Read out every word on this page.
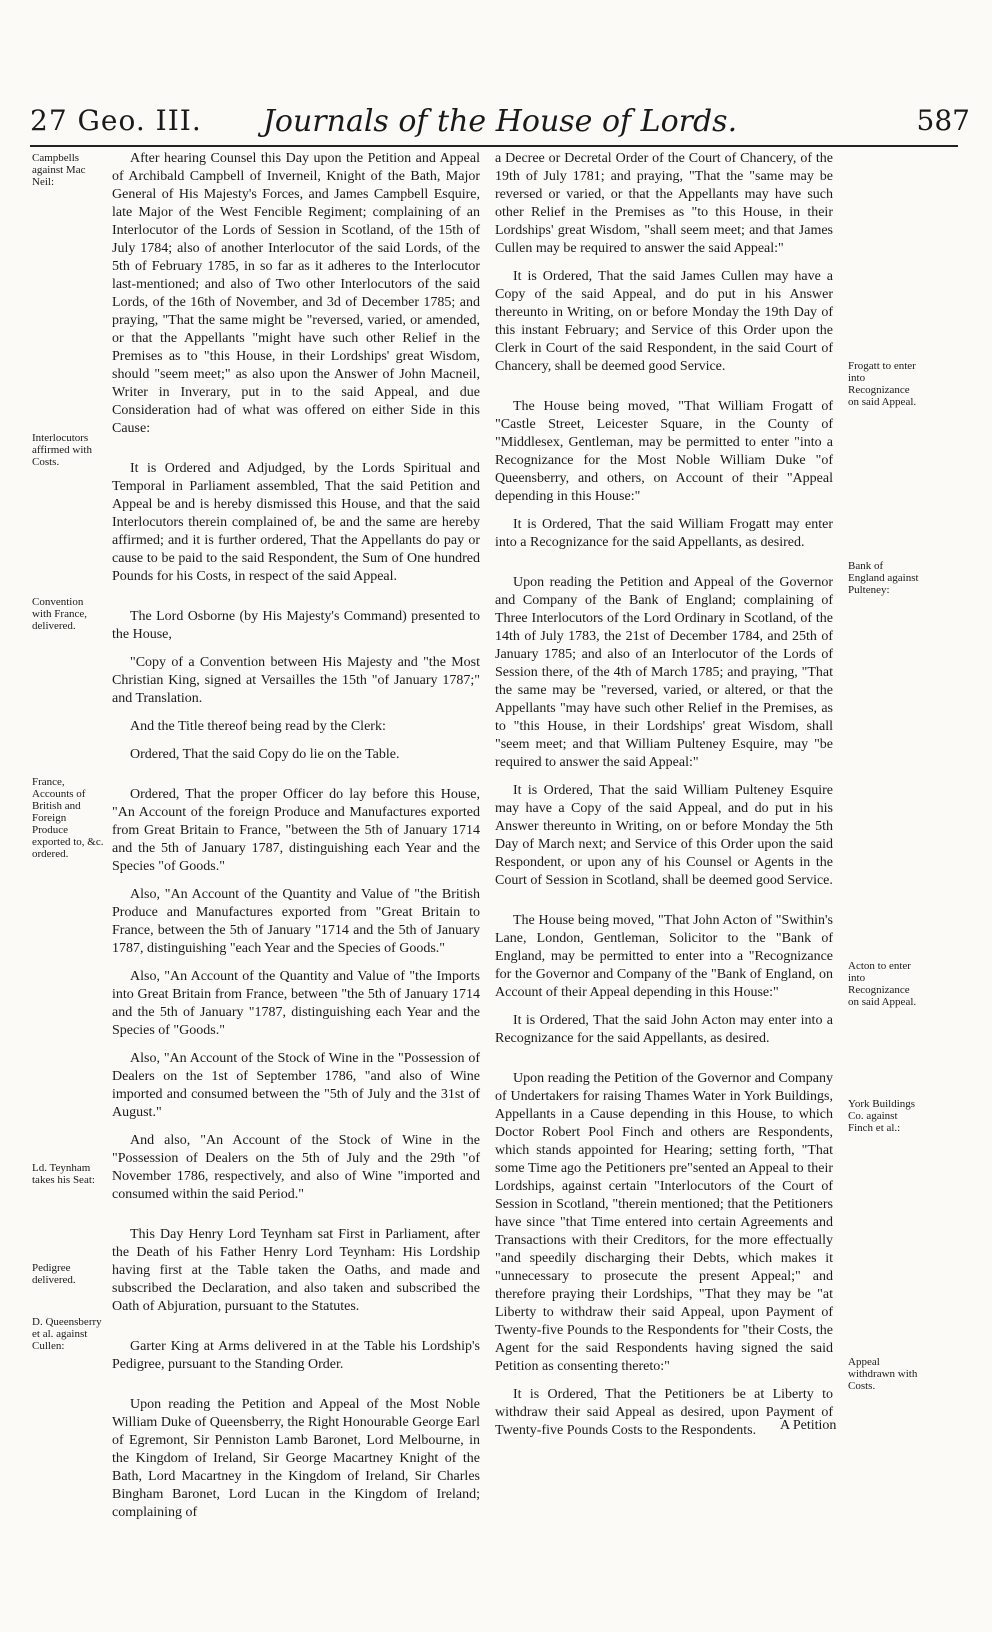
27 Geo. III. Journals of the House of Lords.	587
Campbells against Mac Neil:
Interlocutors affirmed with Costs.
Convention with France, delivered.
France, Accounts of British and Foreign Produce exported to, &c. ordered.
Ld. Teynham takes his Seat:
Pedigree delivered.
D. Queensberry et al. against Cullen:
Frogatt to enter into Recognizance on said Appeal.
Bank of England against Pulteney:
Acton to enter into Recognizance on said Appeal.
York Buildings Co. against Finch et al.:
Appeal withdrawn with Costs.

After hearing Counsel this Day upon the Petition and Appeal of Archibald Campbell of Inverneil, Knight of the Bath, Major General of His Majesty's Forces, and James Campbell Esquire, late Major of the West Fencible Regiment; complaining of an Interlocutor of the Lords of Session in Scotland, of the 15th of July 1784; also of another Interlocutor of the said Lords, of the 5th of February 1785, in so far as it adheres to the Interlocutor last-mentioned; and also of Two other Interlocutors of the said Lords, of the 16th of November, and 3d of December 1785; and praying, "That the same might be "reversed, varied, or amended, or that the Appellants "might have such other Relief in the Premises as to "this House, in their Lordships' great Wisdom, should "seem meet;" as also upon the Answer of John Macneil, Writer in Inverary, put in to the said Appeal, and due Consideration had of what was offered on either Side in this Cause:

It is Ordered and Adjudged, by the Lords Spiritual and Temporal in Parliament assembled, That the said Petition and Appeal be and is hereby dismissed this House, and that the said Interlocutors therein complained of, be and the same are hereby affirmed; and it is further ordered, That the Appellants do pay or cause to be paid to the said Respondent, the Sum of One hundred Pounds for his Costs, in respect of the said Appeal.

The Lord Osborne (by His Majesty's Command) presented to the House,

"Copy of a Convention between His Majesty and "the Most Christian King, signed at Versailles the 15th "of January 1787;" and Translation.

And the Title thereof being read by the Clerk:

Ordered, That the said Copy do lie on the Table.

Ordered, That the proper Officer do lay before this House, "An Account of the foreign Produce and Manufactures exported from Great Britain to France, "between the 5th of January 1714 and the 5th of January 1787, distinguishing each Year and the Species "of Goods."

Also, "An Account of the Quantity and Value of "the British Produce and Manufactures exported from "Great Britain to France, between the 5th of January "1714 and the 5th of January 1787, distinguishing "each Year and the Species of Goods."

Also, "An Account of the Quantity and Value of "the Imports into Great Britain from France, between "the 5th of January 1714 and the 5th of January "1787, distinguishing each Year and the Species of "Goods."

Also, "An Account of the Stock of Wine in the "Possession of Dealers on the 1st of September 1786, "and also of Wine imported and consumed between the "5th of July and the 31st of August."

And also, "An Account of the Stock of Wine in the "Possession of Dealers on the 5th of July and the 29th "of November 1786, respectively, and also of Wine "imported and consumed within the said Period."

This Day Henry Lord Teynham sat First in Parliament, after the Death of his Father Henry Lord Teynham: His Lordship having first at the Table taken the Oaths, and made and subscribed the Declaration, and also taken and subscribed the Oath of Abjuration, pursuant to the Statutes.

Garter King at Arms delivered in at the Table his Lordship's Pedigree, pursuant to the Standing Order.

Upon reading the Petition and Appeal of the Most Noble William Duke of Queensberry, the Right Honourable George Earl of Egremont, Sir Penniston Lamb Baronet, Lord Melbourne, in the Kingdom of Ireland, Sir George Macartney Knight of the Bath, Lord Macartney in the Kingdom of Ireland, Sir Charles Bingham Baronet, Lord Lucan in the Kingdom of Ireland; complaining of

a Decree or Decretal Order of the Court of Chancery, of the 19th of July 1781; and praying, "That the "same may be reversed or varied, or that the Appellants may have such other Relief in the Premises as "to this House, in their Lordships' great Wisdom, "shall seem meet; and that James Cullen may be required to answer the said Appeal:"

It is Ordered, That the said James Cullen may have a Copy of the said Appeal, and do put in his Answer thereunto in Writing, on or before Monday the 19th Day of this instant February; and Service of this Order upon the Clerk in Court of the said Respondent, in the said Court of Chancery, shall be deemed good Service.

The House being moved, "That William Frogatt of "Castle Street, Leicester Square, in the County of "Middlesex, Gentleman, may be permitted to enter "into a Recognizance for the Most Noble William Duke "of Queensberry, and others, on Account of their "Appeal depending in this House:"

It is Ordered, That the said William Frogatt may enter into a Recognizance for the said Appellants, as desired.

Upon reading the Petition and Appeal of the Governor and Company of the Bank of England; complaining of Three Interlocutors of the Lord Ordinary in Scotland, of the 14th of July 1783, the 21st of December 1784, and 25th of January 1785; and also of an Interlocutor of the Lords of Session there, of the 4th of March 1785; and praying, "That the same may be "reversed, varied, or altered, or that the Appellants "may have such other Relief in the Premises, as to "this House, in their Lordships' great Wisdom, shall "seem meet; and that William Pulteney Esquire, may "be required to answer the said Appeal:"

It is Ordered, That the said William Pulteney Esquire may have a Copy of the said Appeal, and do put in his Answer thereunto in Writing, on or before Monday the 5th Day of March next; and Service of this Order upon the said Respondent, or upon any of his Counsel or Agents in the Court of Session in Scotland, shall be deemed good Service.

The House being moved, "That John Acton of "Swithin's Lane, London, Gentleman, Solicitor to the "Bank of England, may be permitted to enter into a "Recognizance for the Governor and Company of the "Bank of England, on Account of their Appeal depending in this House:"

It is Ordered, That the said John Acton may enter into a Recognizance for the said Appellants, as desired.

Upon reading the Petition of the Governor and Company of Undertakers for raising Thames Water in York Buildings, Appellants in a Cause depending in this House, to which Doctor Robert Pool Finch and others are Respondents, which stands appointed for Hearing; setting forth, "That some Time ago the Petitioners pre"sented an Appeal to their Lordships, against certain "Interlocutors of the Court of Session in Scotland, "therein mentioned; that the Petitioners have since "that Time entered into certain Agreements and Transactions with their Creditors, for the more effectually "and speedily discharging their Debts, which makes it "unnecessary to prosecute the present Appeal;" and therefore praying their Lordships, "That they may be "at Liberty to withdraw their said Appeal, upon Payment of Twenty-five Pounds to the Respondents for "their Costs, the Agent for the said Respondents having signed the said Petition as consenting thereto:"

It is Ordered, That the Petitioners be at Liberty to withdraw their said Appeal as desired, upon Payment of Twenty-five Pounds Costs to the Respondents.	A Petition
